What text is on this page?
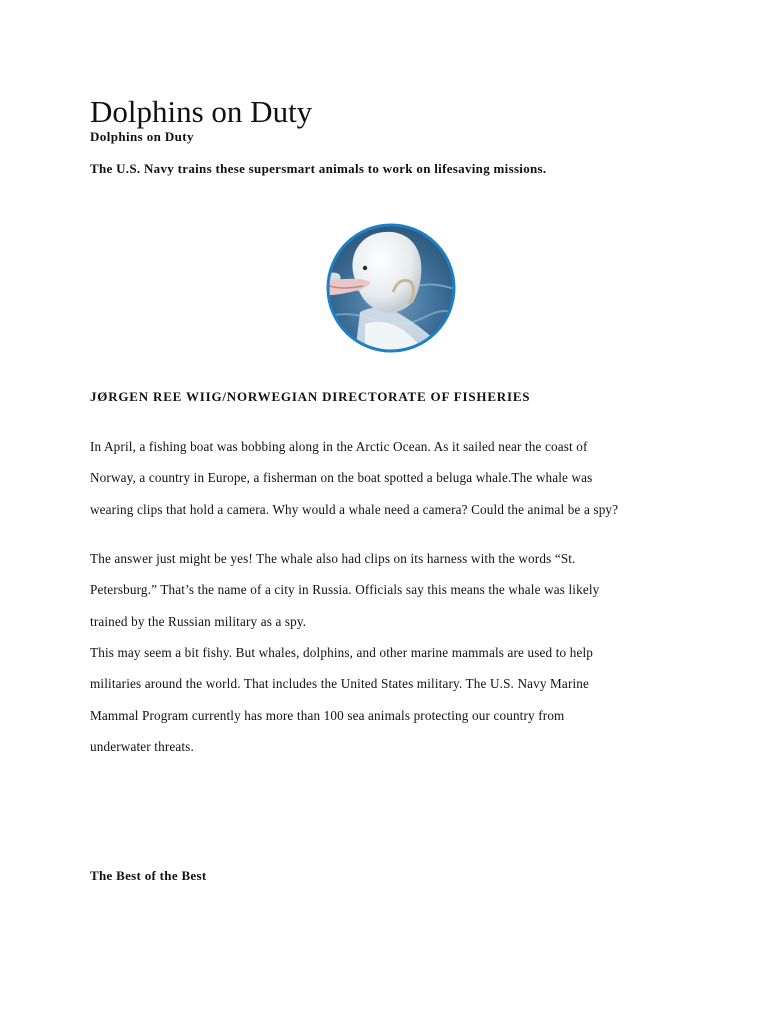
Dolphins on Duty

Dolphins on Duty

The U.S. Navy trains these supersmart animals to work on lifesaving missions.

JØRGEN REE WIIG/NORWEGIAN DIRECTORATE OF FISHERIES

In April, a fishing boat was bobbing along in the Arctic Ocean. As it sailed near the coast of
Norway, a country in Europe, a fisherman on the boat spotted a beluga whale.The whale was
wearing clips that hold a camera. Why would a whale need a camera? Could the animal be a spy?
The answer just might be yes! The whale also had clips on its harness with the words “St.
Petersburg.” That’s the name of a city in Russia. Officials say this means the whale was likely
trained by the Russian military as a spy.
This may seem a bit fishy. But whales, dolphins, and other marine mammals are used to help
militaries around the world. That includes the United States military. The U.S. Navy Marine
Mammal Program currently has more than 100 sea animals protecting our country from
underwater threats.

The Best of the Best
